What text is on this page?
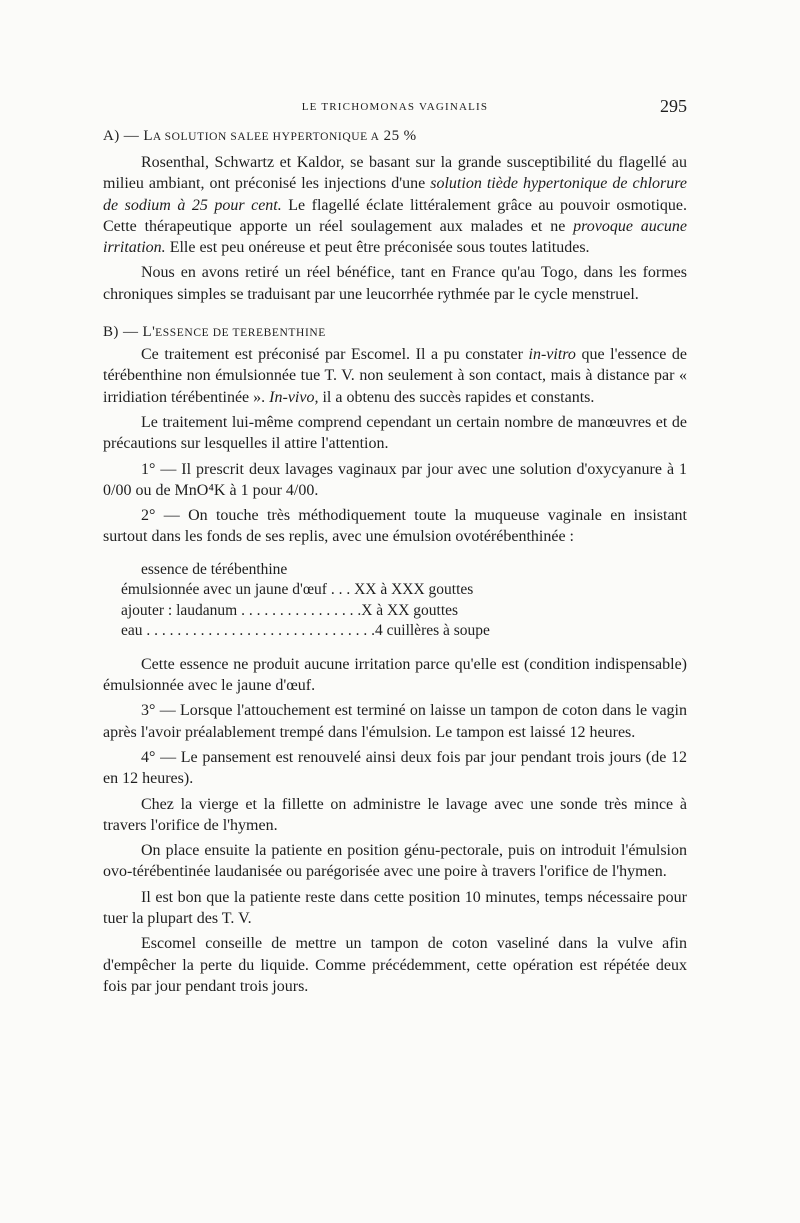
LE TRICHOMONAS VAGINALIS	295

A) — LA SOLUTION SALEE HYPERTONIQUE A 25 %

Rosenthal, Schwartz et Kaldor, se basant sur la grande susceptibilité du flagellé au milieu ambiant, ont préconisé les injections d'une solution tiède hypertonique de chlorure de sodium à 25 pour cent. Le flagellé éclate littéralement grâce au pouvoir osmotique. Cette thérapeutique apporte un réel soulagement aux malades et ne provoque aucune irritation. Elle est peu onéreuse et peut être préconisée sous toutes latitudes.

Nous en avons retiré un réel bénéfice, tant en France qu'au Togo, dans les formes chroniques simples se traduisant par une leucorrhée rythmée par le cycle menstruel.

B) — L'ESSENCE DE TEREBENTHINE

Ce traitement est préconisé par Escomel. Il a pu constater in-vitro que l'essence de térébenthine non émulsionnée tue T. V. non seulement à son contact, mais à distance par « irridiation térébentinée ». In-vivo, il a obtenu des succès rapides et constants.

Le traitement lui-même comprend cependant un certain nombre de manœuvres et de précautions sur lesquelles il attire l'attention.

1° — Il prescrit deux lavages vaginaux par jour avec une solution d'oxycyanure à 1 0/00 ou de MnO⁴K à 1 pour 4/00.

2° — On touche très méthodiquement toute la muqueuse vaginale en insistant surtout dans les fonds de ses replis, avec une émulsion ovotérébenthinée :

essence de térébenthine
émulsionnée avec un jaune d'œuf . . . XX à XXX gouttes
ajouter : laudanum . . . . . . . . . . . . . . . .X à XX gouttes
eau . . . . . . . . . . . . . . . . . . . . . . . . . . . . . .4 cuillères à soupe

Cette essence ne produit aucune irritation parce qu'elle est (condition indispensable) émulsionnée avec le jaune d'œuf.

3° — Lorsque l'attouchement est terminé on laisse un tampon de coton dans le vagin après l'avoir préalablement trempé dans l'émulsion. Le tampon est laissé 12 heures.

4° — Le pansement est renouvelé ainsi deux fois par jour pendant trois jours (de 12 en 12 heures).

Chez la vierge et la fillette on administre le lavage avec une sonde très mince à travers l'orifice de l'hymen.

On place ensuite la patiente en position génu-pectorale, puis on introduit l'émulsion ovo-térébentinée laudanisée ou parégorisée avec une poire à travers l'orifice de l'hymen.

Il est bon que la patiente reste dans cette position 10 minutes, temps nécessaire pour tuer la plupart des T. V.

Escomel conseille de mettre un tampon de coton vaseliné dans la vulve afin d'empêcher la perte du liquide. Comme précédemment, cette opération est répétée deux fois par jour pendant trois jours.
